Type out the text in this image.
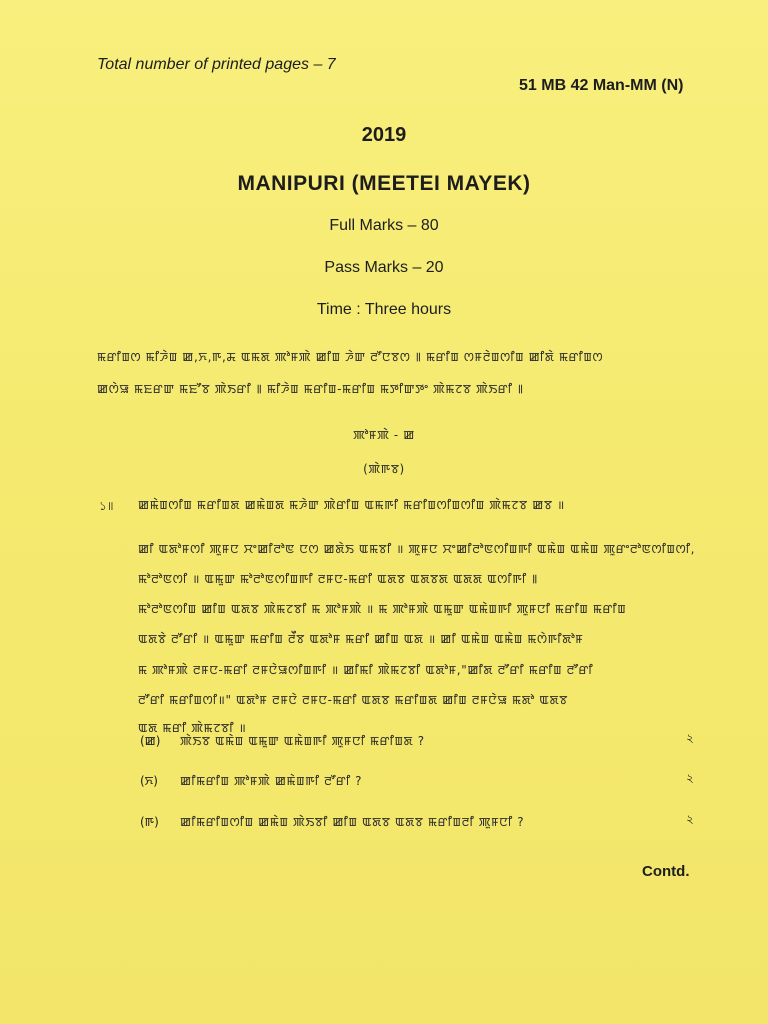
Total number of printed pages – 7
51 MB 42 Man-MM (N)
2019
MANIPURI (MEETEI MAYEK)
Full Marks – 80
Pass Marks – 20
Time : Three hours
ꯃꯔꯤꯡꯁ ꯃꯤꯍꯥꯡ ꯀ,ꯈ,ꯒ,ꯘ ꯑꯃꯗ ꯄꯣꯝꯄꯥ ꯀꯤꯡ ꯍꯥꯛ ꯂꯧꯅꯕꯁ ꯫ ꯃꯔꯤꯡ ꯁꯝꯂꯥꯡꯁꯤꯡ ꯀꯤꯗꯥ ꯃꯔꯤꯡꯁ
ꯀꯁꯥꯎ ꯃꯐꯔꯛ ꯃꯐꯧꯕ ꯄꯥꯏꯔꯤ ꯫ ꯃꯤꯍꯥꯡ ꯃꯔꯤꯡ-ꯃꯔꯤꯡ ꯃꯇꯤꯛꯇꯦ ꯄꯥꯃꯖꯕ ꯄꯥꯏꯔꯤ ꯫
ꯄꯣꯝꯄꯥ - ꯀ
(ꯄꯥꯒꯕ)
১॥ ꯀꯃꯥꯡꯁꯤꯡ ꯃꯔꯤꯡꯗ ꯀꯃꯥꯡꯗ ꯃꯍꯥꯛ ꯄꯥꯔꯤꯡ ꯑꯃꯒꯤ ꯃꯔꯤꯡꯁꯤꯡꯁꯤꯡ ꯄꯥꯃꯖꯕ ꯀꯕ ॥
ꯀꯤ ꯑꯗꯣꯝꯁꯤ ꯄꯨꯝꯅ ꯆꯦꯀꯤꯂꯣꯟ ꯅꯁ ꯀꯗꯥꯏ ꯑꯃꯕꯤ ॥ ꯄꯨꯝꯅ ꯆꯦꯀꯤꯂꯣꯟꯁꯤꯡꯒꯤ ꯑꯃꯥꯡ ꯑꯃꯥꯡ ꯄꯨꯔꯦꯂꯣꯟꯁꯤꯡꯁꯤ,
ꯃꯣꯂꯣꯟꯁꯤ ॥ ꯑꯃꯨꯛ ꯃꯣꯂꯣꯟꯁꯤꯡꯒꯤ ꯂꯝꯅ-ꯃꯔꯤ ꯑꯗꯕ ꯑꯗꯕꯗ ꯑꯗꯗ ꯑꯁꯤꯒꯤ ꯫
ꯃꯣꯂꯣꯟꯁꯤꯡ ꯀꯤꯡ ꯑꯗꯕ ꯄꯥꯃꯖꯕꯤ ꯃ ꯄꯣꯝꯄꯥ ॥ ꯃ ꯄꯣꯝꯄꯥ ꯑꯃꯨꯛ ꯑꯃꯥꯡꯒꯤ ꯄꯨꯝꯅꯤ ꯃꯔꯤꯡ ꯃꯔꯤꯡ
ꯑꯗꯕꯥ ꯂꯧꯔꯤ ॥ ꯑꯃꯨꯛ ꯃꯔꯤꯡ ꯂꯩꯕ ꯑꯗꯣꯝ ꯃꯔꯤ ꯀꯤꯡ ꯑꯗ ॥ ꯀꯤ ꯑꯃꯥꯡ ꯑꯃꯥꯡ ꯃꯁꯥꯒꯤꯗꯣꯝ
ꯃ ꯄꯣꯝꯄꯥ ꯂꯝꯅ-ꯃꯔꯤ ꯂꯝꯅꯥꯎꯁꯤꯡꯒꯤ ॥ ꯀꯤꯃꯤ ꯄꯥꯃꯖꯕꯤ ꯑꯗꯣꯝ,"ꯀꯤꯗ ꯂꯧꯔꯤ ꯃꯔꯤꯡ ꯂꯧꯔꯤ
ꯂꯧꯔꯤ ꯃꯔꯤꯡꯁꯤ॥" ꯑꯗꯣꯝ ꯂꯝꯅꯥ ꯂꯝꯅ-ꯃꯔꯤ ꯑꯗꯕ ꯃꯔꯤꯡꯗ ꯀꯤꯡ ꯂꯝꯅꯥꯎ ꯃꯗꯣ ꯑꯗꯕ
ꯑꯗ ꯃꯔꯤ ꯄꯥꯃꯖꯕꯤ ॥
(ꯀ) ꯄꯥꯏꯕ ꯑꯃꯥꯡ ꯑꯃꯨꯛ ꯑꯃꯥꯡꯒꯤ ꯄꯨꯝꯅꯤ ꯃꯔꯤꯡꯗ ?	২
(ꯈ) ꯀꯤꯃꯔꯤꯡ ꯄꯣꯝꯄꯥ ꯀꯃꯥꯡꯒꯤ ꯂꯧꯔꯤ ?	২
(ꯒ) ꯀꯤꯃꯔꯤꯡꯁꯤꯡ ꯀꯃꯥꯡ ꯄꯥꯏꯕꯤ ꯀꯤꯡ ꯑꯗꯕ ꯑꯗꯕ ꯃꯔꯤꯡꯂꯤ ꯄꯨꯝꯅꯤ ?	২
Contd.
